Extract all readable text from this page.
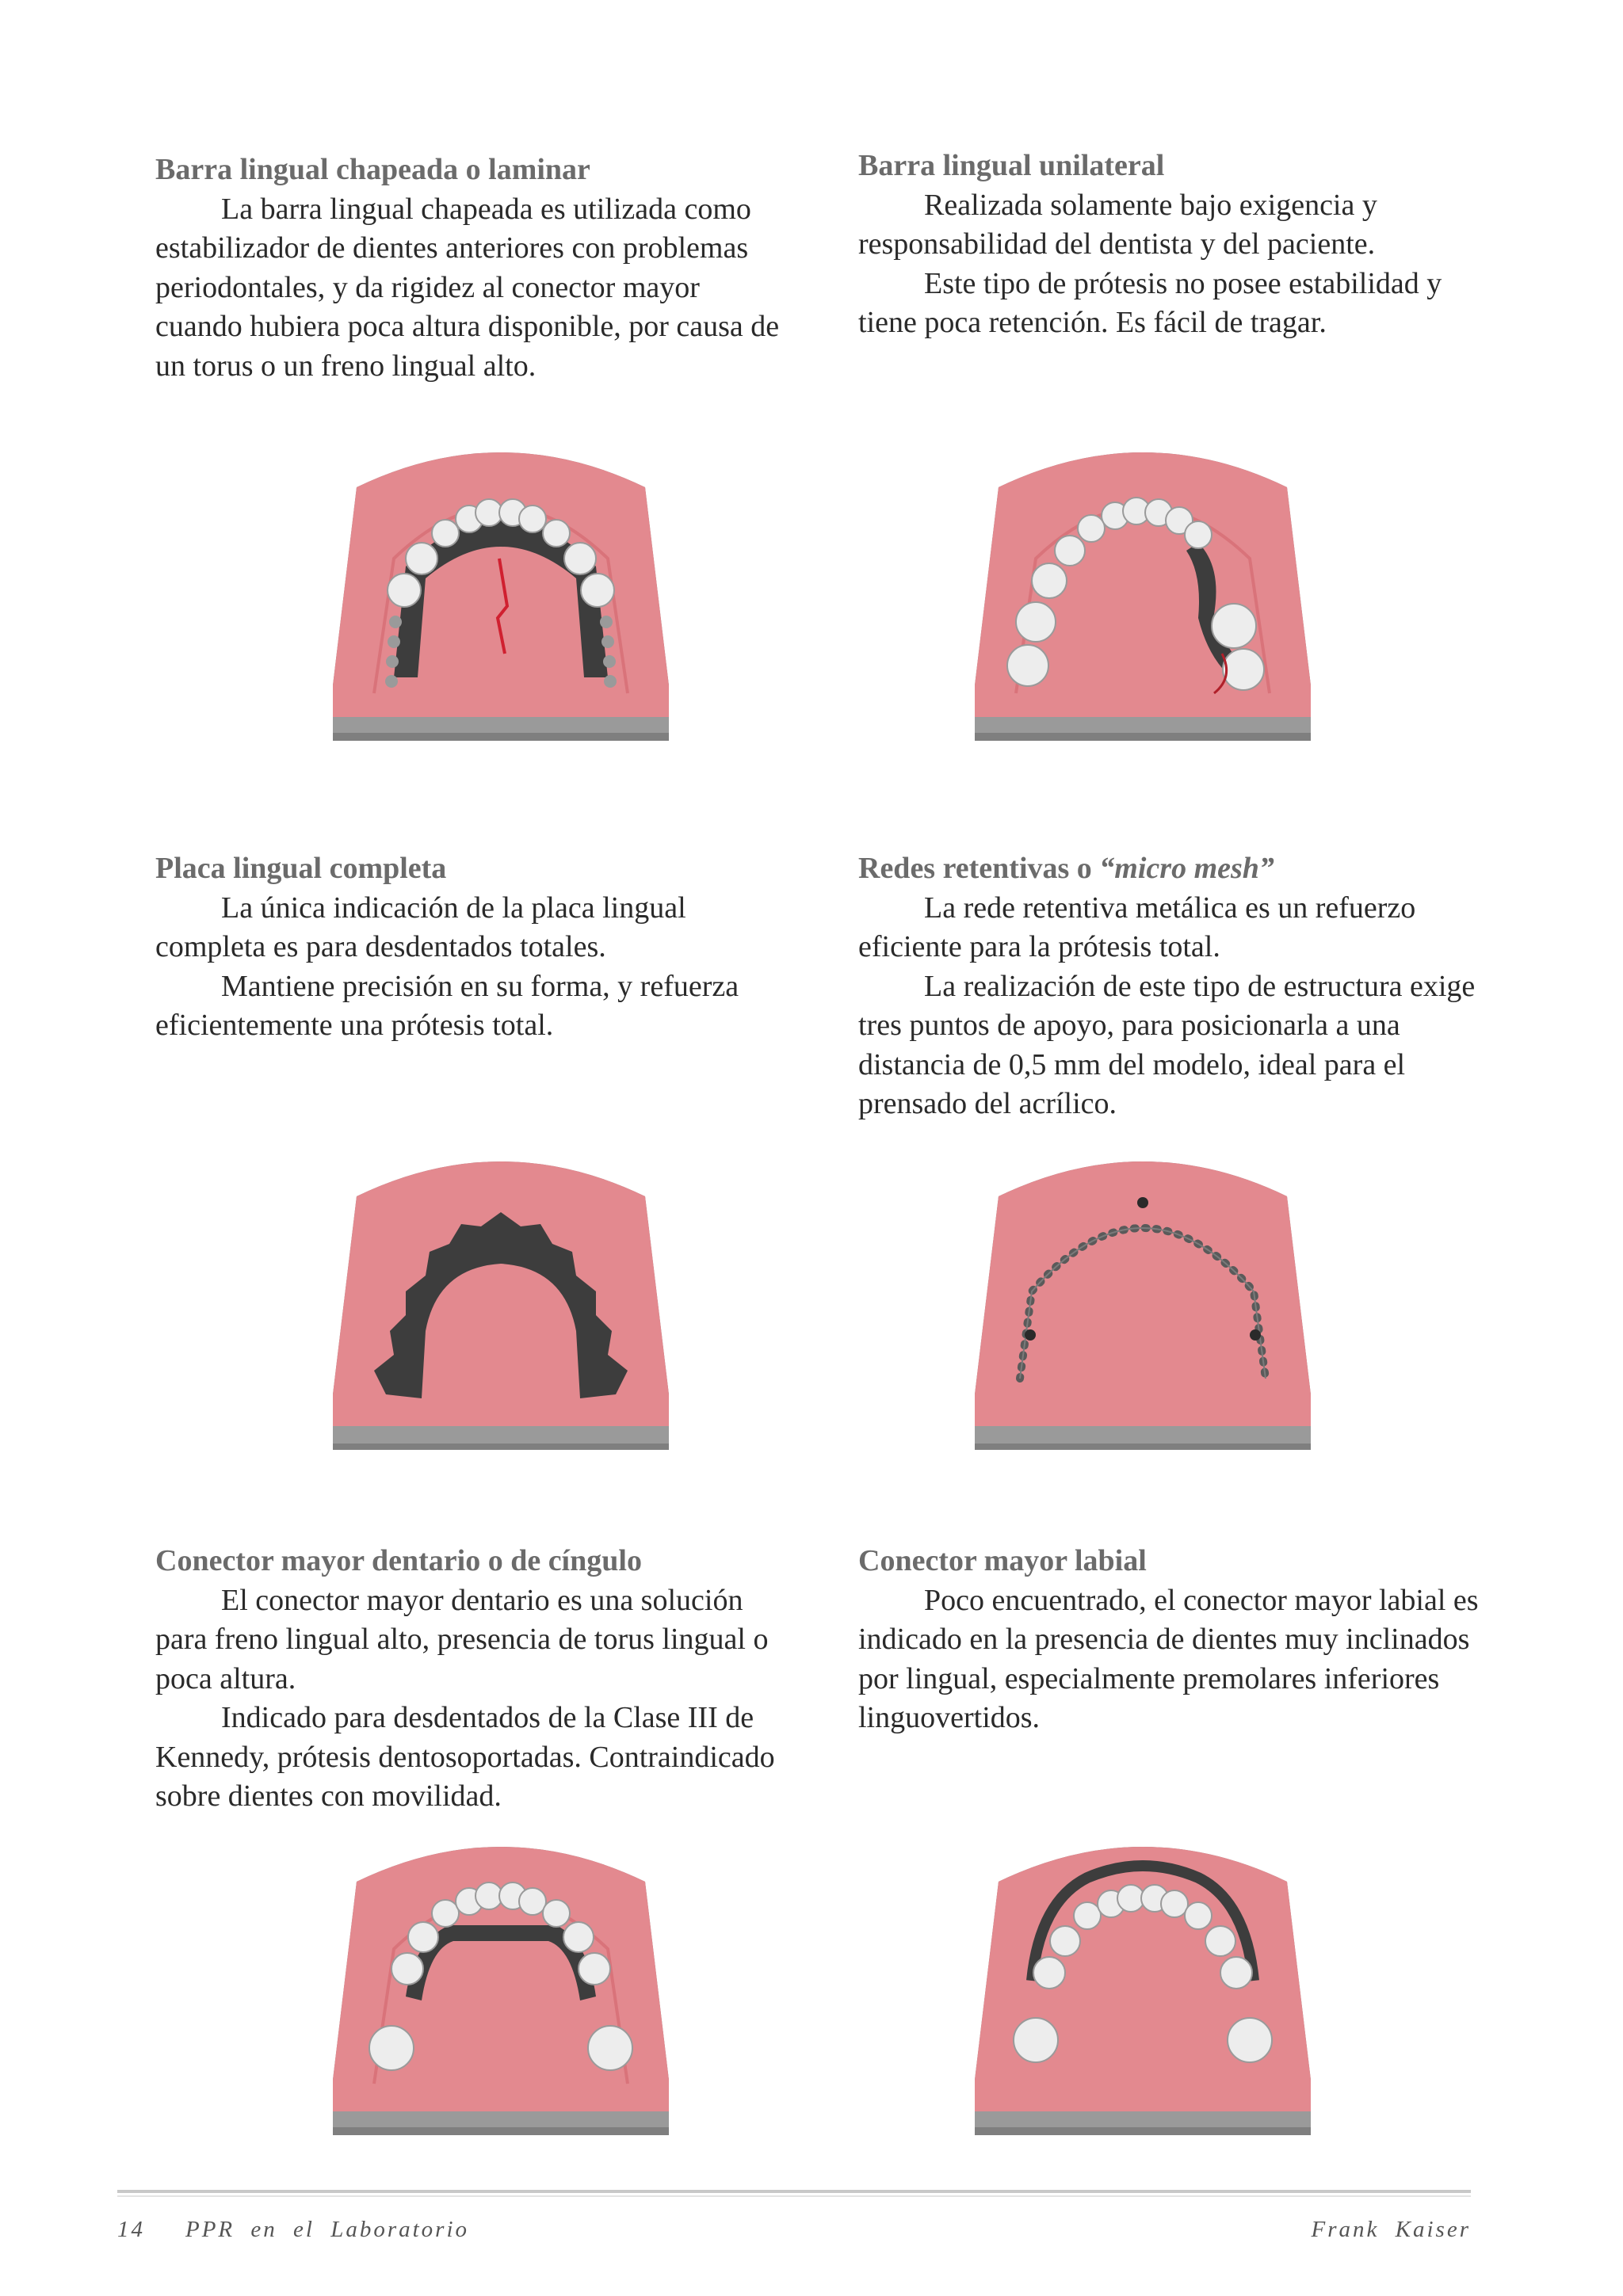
Barra lingual chapeada o laminar

La barra lingual chapeada es utilizada como estabilizador de dientes anteriores con problemas periodontales, y da rigidez al conector mayor cuando hubiera poca altura disponible, por causa de un torus o un freno lingual alto.

Barra lingual unilateral

Realizada solamente bajo exigencia y responsabilidad del dentista y del paciente.

Este tipo de prótesis no posee estabilidad y tiene poca retención. Es fácil de tragar.

Placa lingual completa

La única indicación de la placa lingual completa es para desdentados totales.

Mantiene precisión en su forma, y refuerza eficientemente una prótesis total.

Redes retentivas o “micro mesh”

La rede retentiva metálica es un refuerzo eficiente para la prótesis total.

La realización de este tipo de estructura exige tres puntos de apoyo, para posicionarla a una distancia de 0,5 mm del modelo, ideal para el prensado del acrílico.

Conector mayor dentario o de cíngulo

El conector mayor dentario es una solución para freno lingual alto, presencia de torus lingual o poca altura.

Indicado para desdentados de la Clase III de Kennedy, prótesis dentosoportadas. Contraindicado sobre dientes con movilidad.

Conector mayor labial

Poco encuentrado, el conector mayor labial es indicado en la presencia de dientes muy inclinados por lingual, especialmente premolares inferiores linguovertidos.

14 PPR en el Laboratorio	Frank Kaiser
